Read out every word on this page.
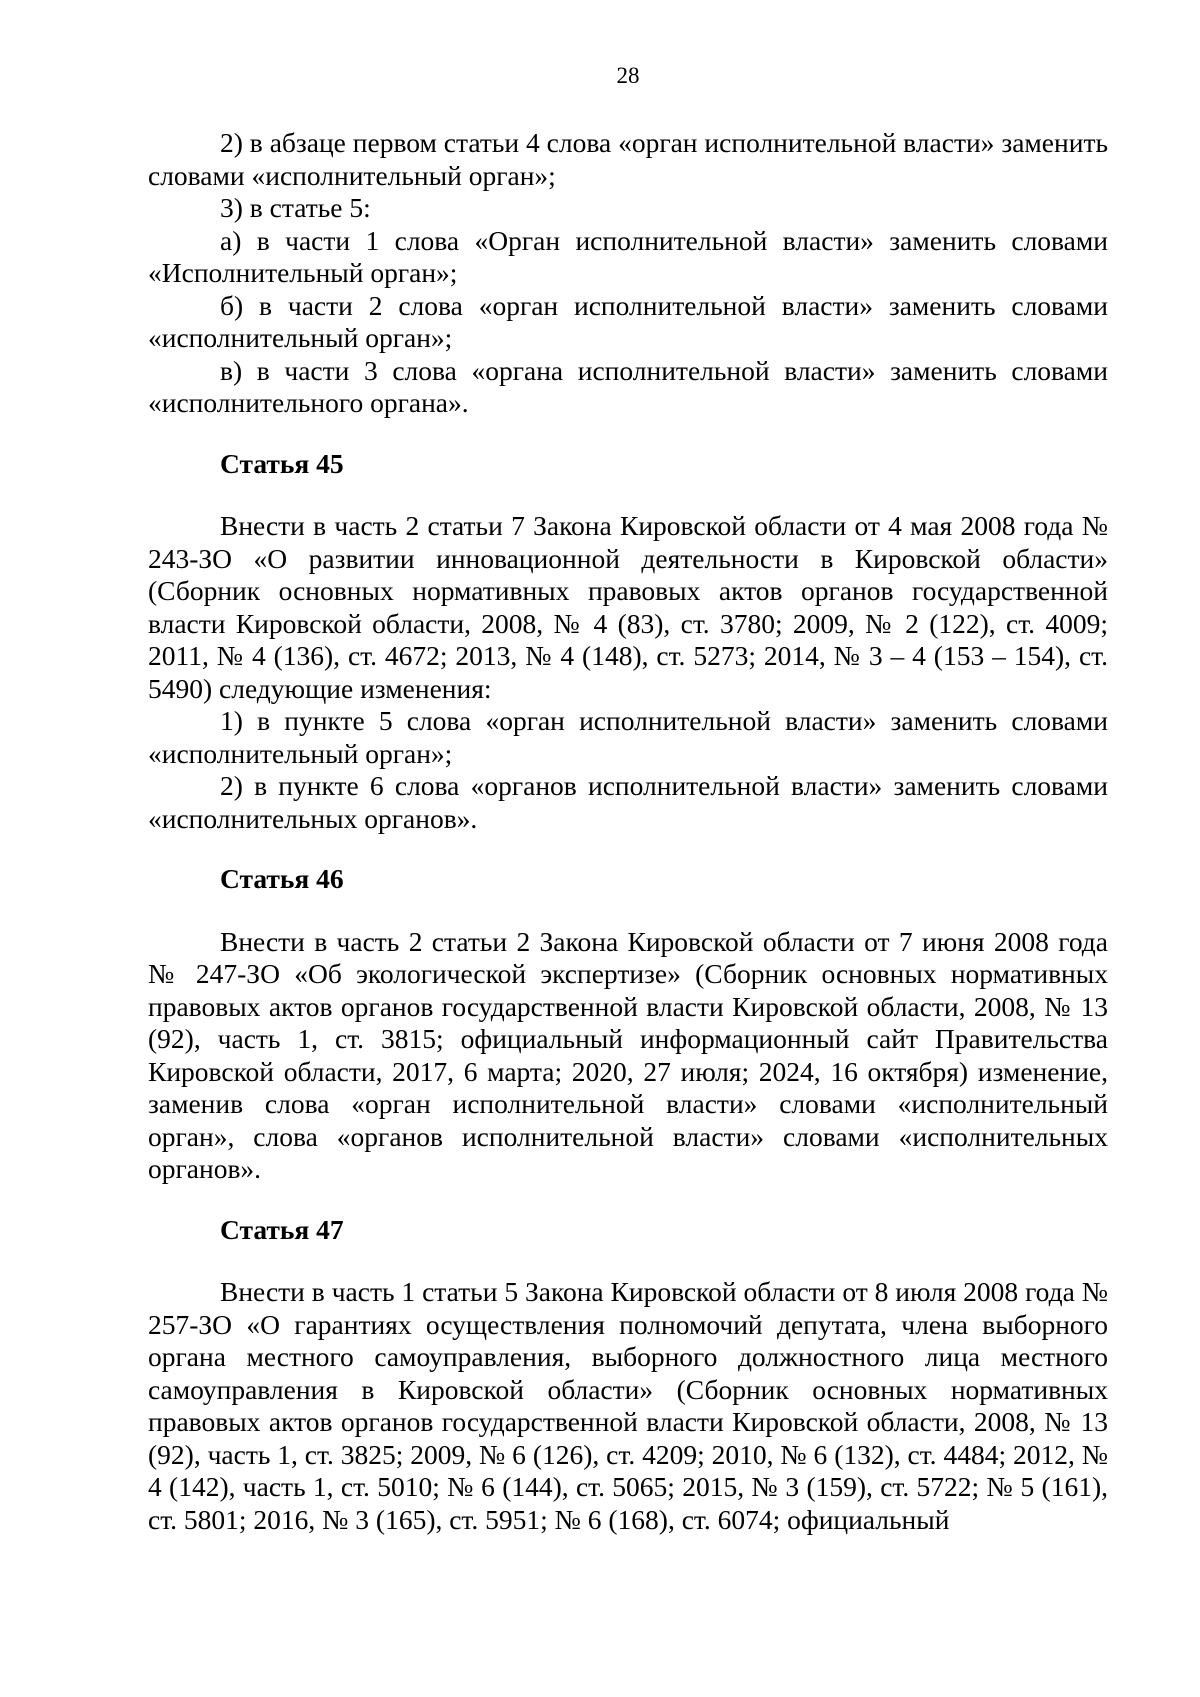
28

2) в абзаце первом статьи 4 слова «орган исполнительной власти» заменить словами «исполнительный орган»;

3) в статье 5:

а) в части 1 слова «Орган исполнительной власти» заменить словами «Исполнительный орган»;

б) в части 2 слова «орган исполнительной власти» заменить словами «исполнительный орган»;

в) в части 3 слова «органа исполнительной власти» заменить словами «исполнительного органа».

Статья 45

Внести в часть 2 статьи 7 Закона Кировской области от 4 мая 2008 года № 243-ЗО «О развитии инновационной деятельности в Кировской области» (Сборник основных нормативных правовых актов органов государственной власти Кировской области, 2008, № 4 (83), ст. 3780; 2009, № 2 (122), ст. 4009; 2011, № 4 (136), ст. 4672; 2013, № 4 (148), ст. 5273; 2014, № 3 – 4 (153 – 154), ст. 5490) следующие изменения:

1) в пункте 5 слова «орган исполнительной власти» заменить словами «исполнительный орган»;

2) в пункте 6 слова «органов исполнительной власти» заменить словами «исполнительных органов».

Статья 46

Внести в часть 2 статьи 2 Закона Кировской области от 7 июня 2008 года № 247-ЗО «Об экологической экспертизе» (Сборник основных нормативных правовых актов органов государственной власти Кировской области, 2008, № 13 (92), часть 1, ст. 3815; официальный информационный сайт Правительства Кировской области, 2017, 6 марта; 2020, 27 июля; 2024, 16 октября) изменение, заменив слова «орган исполнительной власти» словами «исполнительный орган», слова «органов исполнительной власти» словами «исполнительных органов».

Статья 47

Внести в часть 1 статьи 5 Закона Кировской области от 8 июля 2008 года № 257-ЗО «О гарантиях осуществления полномочий депутата, члена выборного органа местного самоуправления, выборного должностного лица местного самоуправления в Кировской области» (Сборник основных нормативных правовых актов органов государственной власти Кировской области, 2008, № 13 (92), часть 1, ст. 3825; 2009, № 6 (126), ст. 4209; 2010, № 6 (132), ст. 4484; 2012, № 4 (142), часть 1, ст. 5010; № 6 (144), ст. 5065; 2015, № 3 (159), ст. 5722; № 5 (161), ст. 5801; 2016, № 3 (165), ст. 5951; № 6 (168), ст. 6074; официальный
